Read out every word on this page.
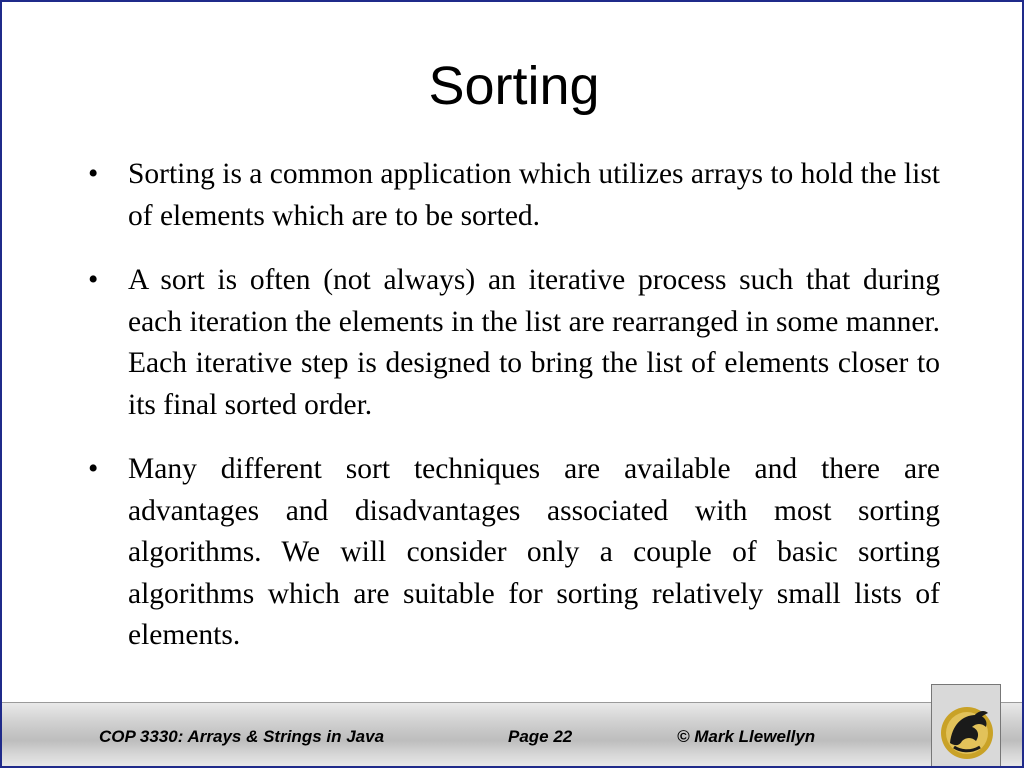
Sorting
•	Sorting is a common application which utilizes arrays to hold the list of elements which are to be sorted.
•	A sort is often (not always) an iterative process such that during each iteration the elements in the list are rearranged in some manner. Each iterative step is designed to bring the list of elements closer to its final sorted order.
•	Many different sort techniques are available and there are advantages and disadvantages associated with most sorting algorithms. We will consider only a couple of basic sorting algorithms which are suitable for sorting relatively small lists of elements.
COP 3330: Arrays & Strings in Java	Page 22	© Mark Llewellyn
